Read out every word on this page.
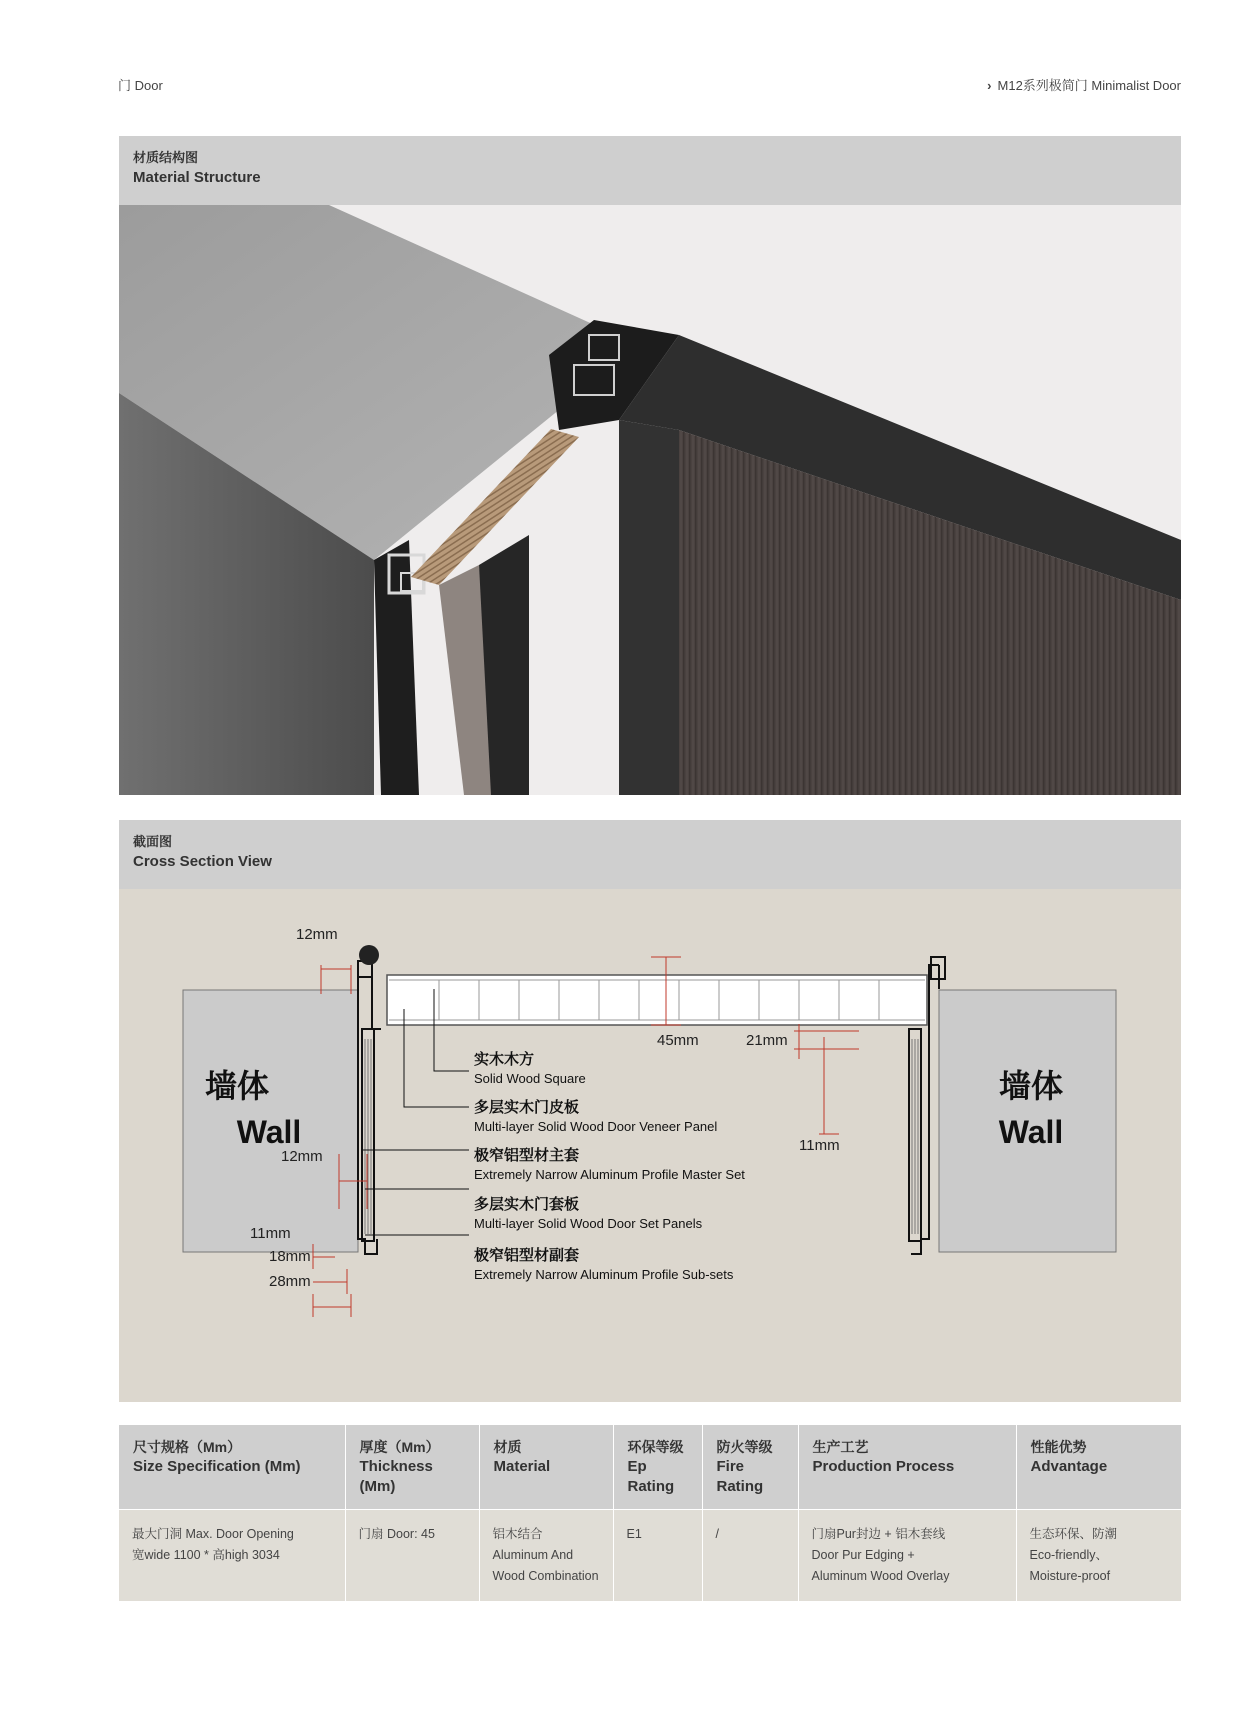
门 Door	› M12系列极简门 Minimalist Door
材质结构图
Material Structure
截面图
Cross Section View
墙体
Wall
墙体
Wall
12mm
12mm
11mm
18mm
28mm
45mm	21mm
11mm
实木木方
Solid Wood Square
多层实木门皮板
Multi-layer Solid Wood Door Veneer Panel
极窄铝型材主套
Extremely Narrow Aluminum Profile Master Set
多层实木门套板
Multi-layer Solid Wood Door Set Panels
极窄铝型材副套
Extremely Narrow Aluminum Profile Sub-sets
尺寸规格（Mm）
Size Specification (Mm)	厚度（Mm）
Thickness (Mm)	材质
Material	环保等级
Ep Rating	防火等级
Fire Rating	生产工艺
Production Process	性能优势
Advantage

最大门洞 Max. Door Opening
宽wide 1100 * 高high 3034	门扇 Door: 45	铝木结合
Aluminum And
Wood Combination	E1	/	门扇Pur封边 + 铝木套线
Door Pur Edging +
Aluminum Wood Overlay	生态环保、防潮
Eco-friendly、
Moisture-proof
